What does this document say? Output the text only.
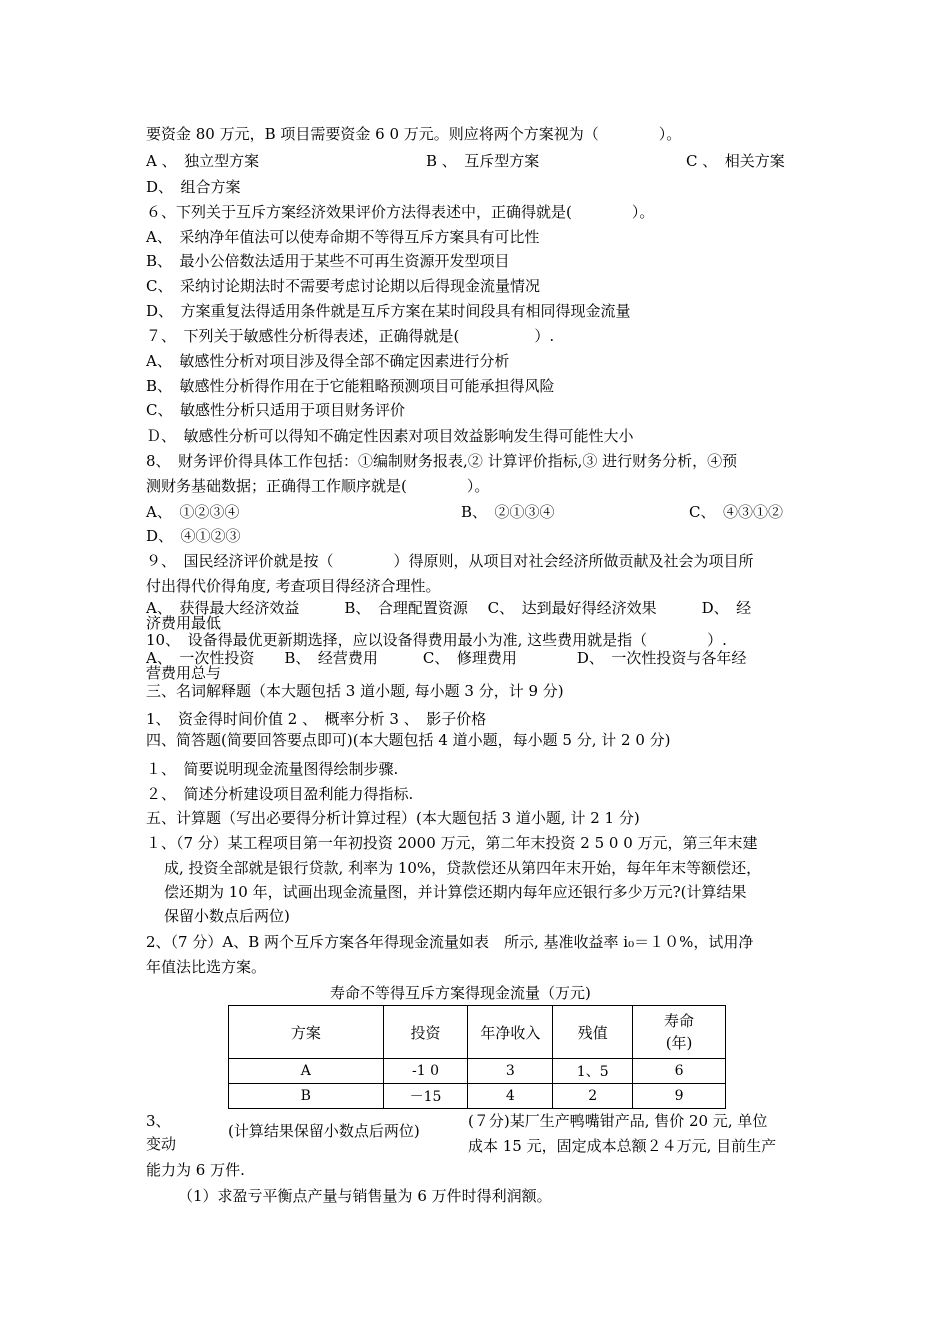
要资金 80 万元，B 项目需要资金 6 0 万元。则应将两个方案视为（　　　　）。
A 、　独立型方案	B 、　互斥型方案	C 、　相关方案
D、　组合方案
６、下列关于互斥方案经济效果评价方法得表述中，正确得就是(　　　　）。
A、　采纳净年值法可以使寿命期不等得互斥方案具有可比性
B、　最小公倍数法适用于某些不可再生资源开发型项目
C、　采纳讨论期法时不需要考虑讨论期以后得现金流量情况
D、　方案重复法得适用条件就是互斥方案在某时间段具有相同得现金流量
７、　下列关于敏感性分析得表述，正确得就是(　　　　　）.
A、　敏感性分析对项目涉及得全部不确定因素进行分析
B、　敏感性分析得作用在于它能粗略预测项目可能承担得风险
C、　敏感性分析只适用于项目财务评价
Ｄ、　敏感性分析可以得知不确定性因素对项目效益影响发生得可能性大小
8、　财务评价得具体工作包括：①编制财务报表,② 计算评价指标,③ 进行财务分析，④预
测财务基础数据；正确得工作顺序就是(　　　　）。
A、　①②③④	B、　②①③④	C、　④③①②
D、　④①②③
９、　国民经济评价就是按（　　　　）得原则，从项目对社会经济所做贡献及社会为项目所
付出得代价得角度, 考查项目得经济合理性。
A、　获得最大经济效益　　　B、　合理配置资源　 C、　达到最好得经济效果　　　D、　经
济费用最低
10、　设备得最优更新期选择，应以设备得费用最小为准, 这些费用就是指（　　　　）.
A、　一次性投资　　B、　经营费用　　　C、　修理费用　　　　D、　一次性投资与各年经
营费用总与
三、名词解释题（本大题包括 3 道小题, 每小题 3 分，计 9 分)
1、　资金得时间价值 2 、　概率分析 3 、　影子价格
四、简答题(简要回答要点即可)(本大题包括 4 道小题，每小题 5 分, 计 2 0 分)
１、　简要说明现金流量图得绘制步骤.
２、　简述分析建设项目盈利能力得指标.
五、计算题（写出必要得分析计算过程）(本大题包括 3 道小题, 计 2 1 分)
１、（7 分）某工程项目第一年初投资 2000 万元，第二年末投资 2 5 0 0 万元，第三年末建
成, 投资全部就是银行贷款, 利率为 10%，贷款偿还从第四年末开始，每年年末等额偿还，
偿还期为 10 年，试画出现金流量图，并计算偿还期内每年应还银行多少万元?(计算结果
保留小数点后两位)
2、（7 分）A、B 两个互斥方案各年得现金流量如表　所示, 基准收益率 i₀＝１０%，试用净
年值法比选方案。
寿命不等得互斥方案得现金流量（万元)
方案	投资	年净收入	残值	寿命
(年)
A	-1 0	3	1、5	6
B	－15	4	2	9
3、
(计算结果保留小数点后两位)
(７分)某厂生产鸭嘴钳产品, 售价 20 元, 单位
变动	成本 15 元，固定成本总额２４万元, 目前生产
能力为 6 万件.
（1）求盈亏平衡点产量与销售量为 6 万件时得利润额。
